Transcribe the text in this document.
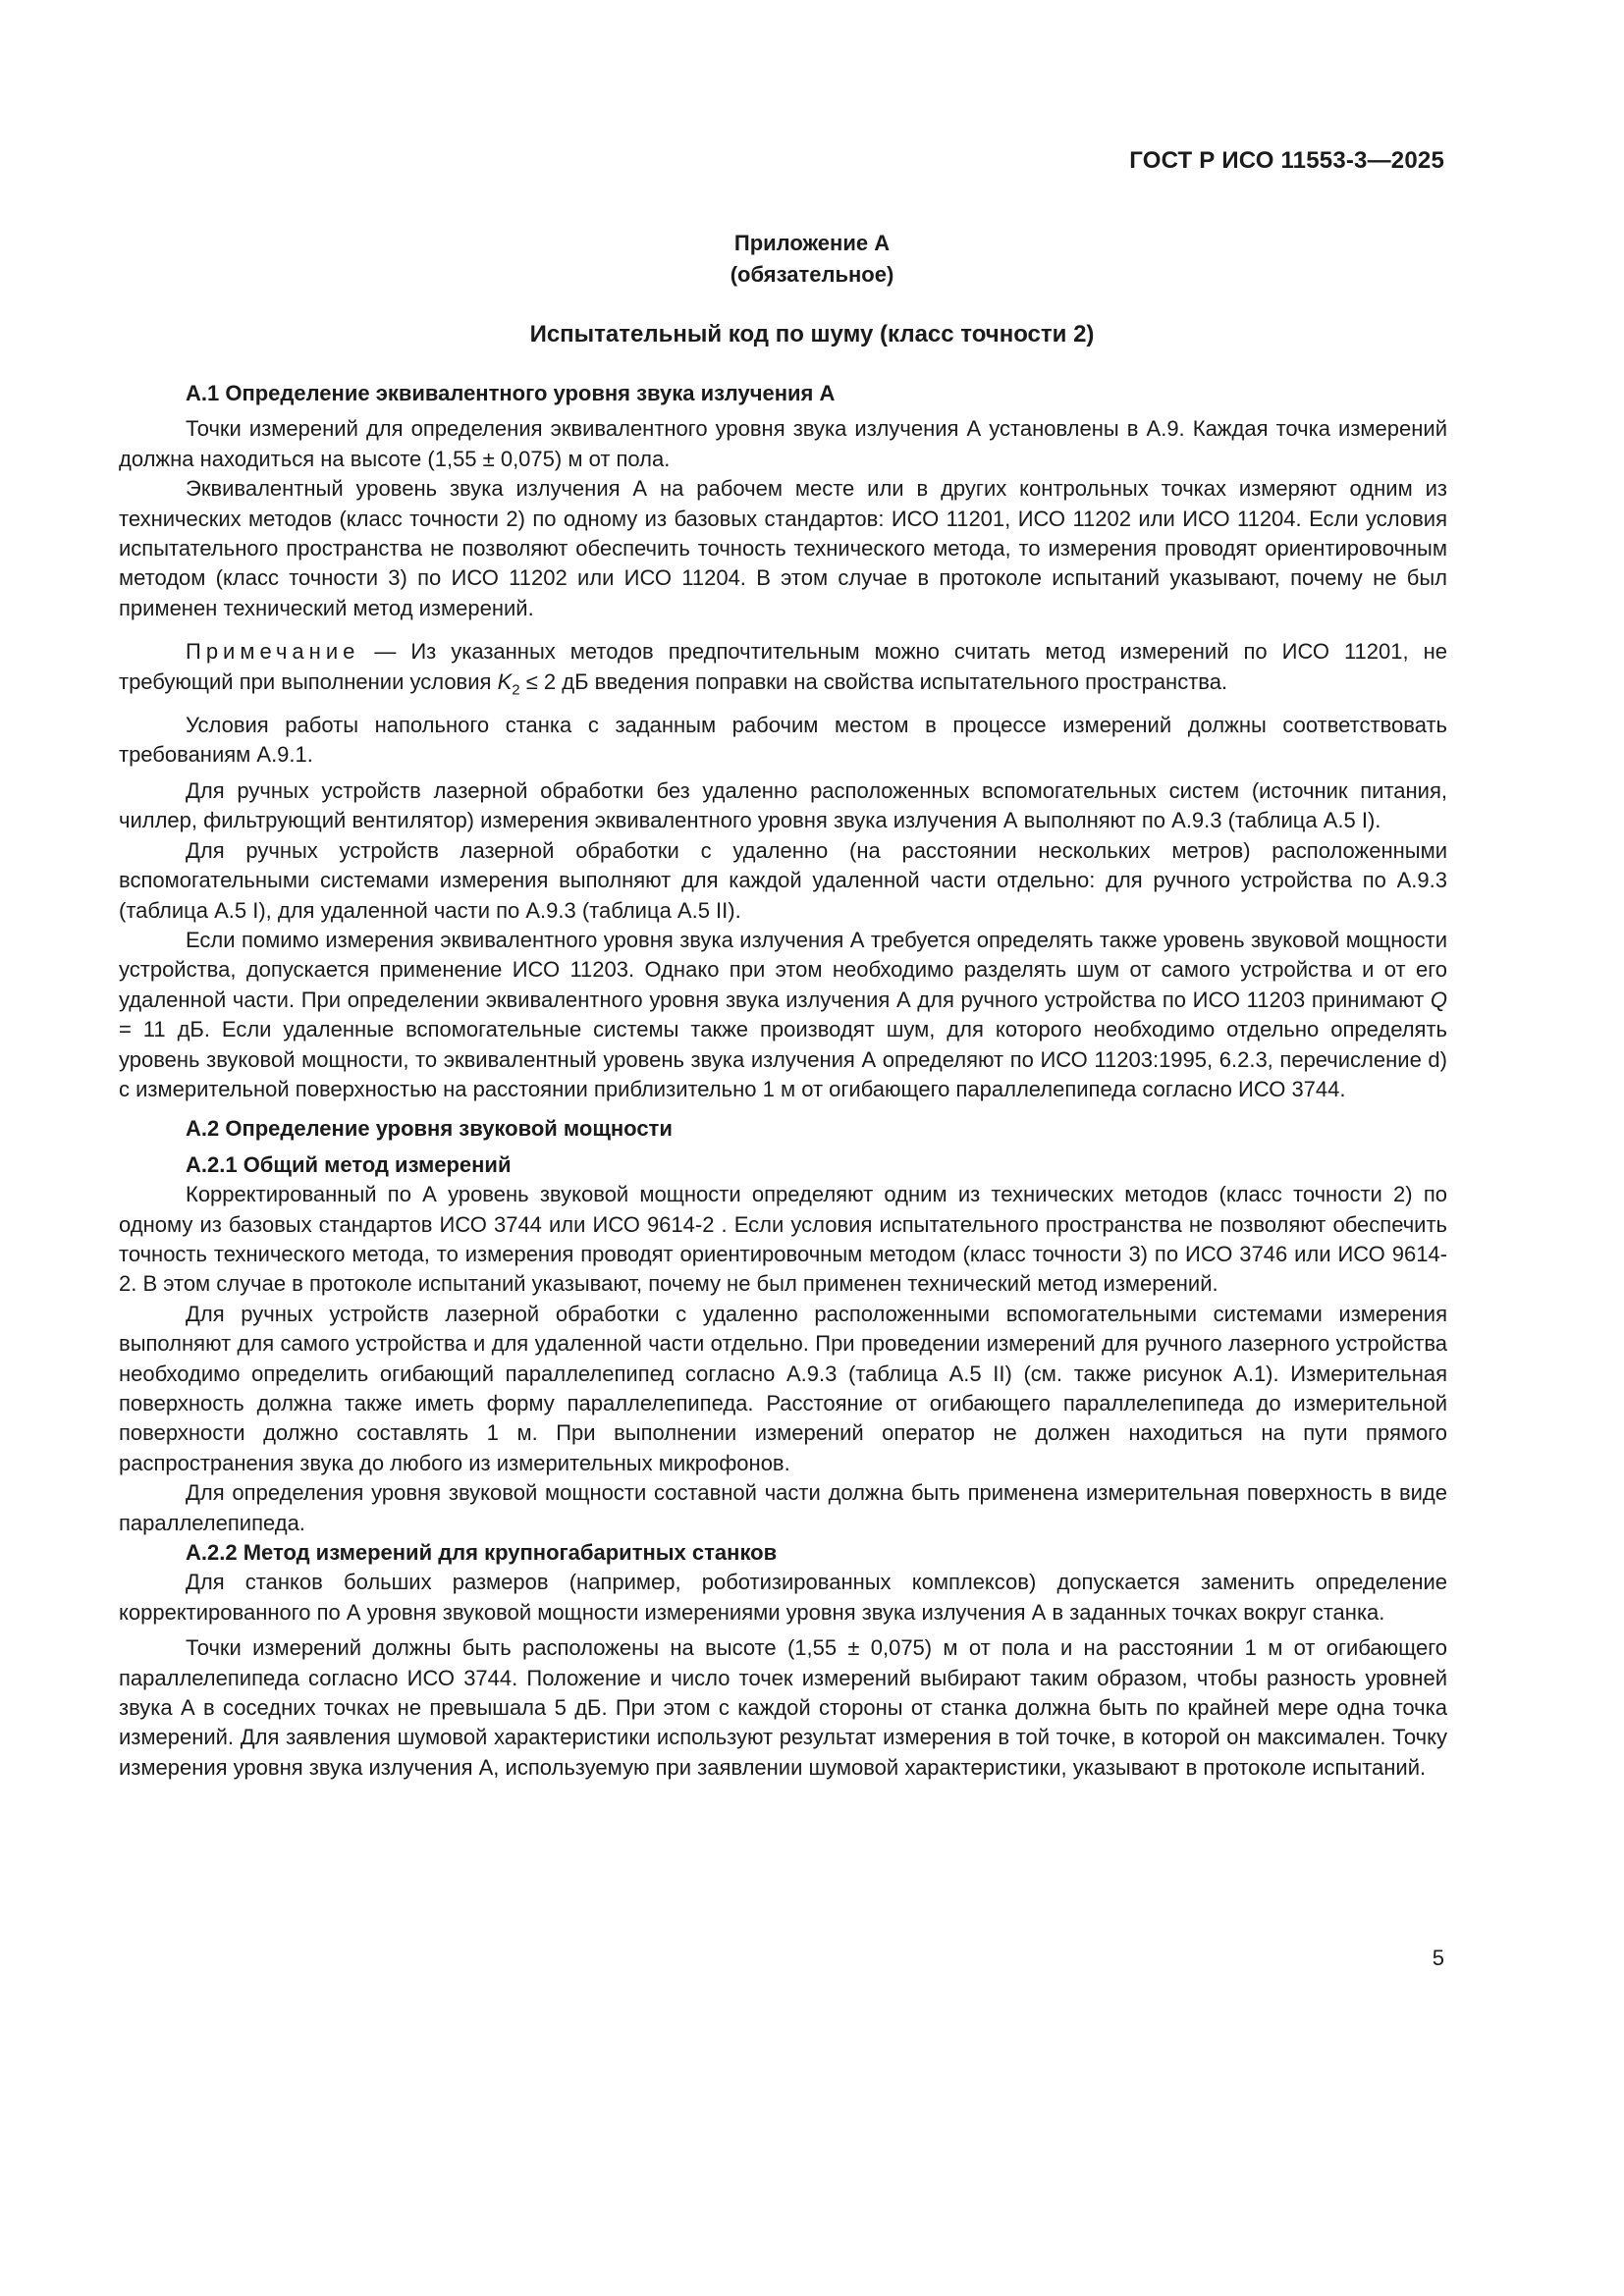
ГОСТ Р ИСО 11553-3—2025
Приложение А
(обязательное)
Испытательный код по шуму (класс точности 2)
А.1 Определение эквивалентного уровня звука излучения А

Точки измерений для определения эквивалентного уровня звука излучения А установлены в А.9. Каждая точка измерений должна находиться на высоте (1,55 ± 0,075) м от пола.

Эквивалентный уровень звука излучения А на рабочем месте или в других контрольных точках измеряют одним из технических методов (класс точности 2) по одному из базовых стандартов: ИСО 11201, ИСО 11202 или ИСО 11204. Если условия испытательного пространства не позволяют обеспечить точность технического метода, то измерения проводят ориентировочным методом (класс точности 3) по ИСО 11202 или ИСО 11204. В этом случае в протоколе испытаний указывают, почему не был применен технический метод измерений.

Примечание — Из указанных методов предпочтительным можно считать метод измерений по ИСО 11201, не требующий при выполнении условия $K_2 \le 2$ дБ введения поправки на свойства испытательного пространства.

Условия работы напольного станка с заданным рабочим местом в процессе измерений должны соответствовать требованиям А.9.1.

Для ручных устройств лазерной обработки без удаленно расположенных вспомогательных систем (источник питания, чиллер, фильтрующий вентилятор) измерения эквивалентного уровня звука излучения А выполняют по А.9.3 (таблица А.5 I).

Для ручных устройств лазерной обработки с удаленно (на расстоянии нескольких метров) расположенными вспомогательными системами измерения выполняют для каждой удаленной части отдельно: для ручного устройства по А.9.3 (таблица А.5 I), для удаленной части по А.9.3 (таблица А.5 II).

Если помимо измерения эквивалентного уровня звука излучения А требуется определять также уровень звуковой мощности устройства, допускается применение ИСО 11203. Однако при этом необходимо разделять шум от самого устройства и от его удаленной части. При определении эквивалентного уровня звука излучения А для ручного устройства по ИСО 11203 принимают Q = 11 дБ. Если удаленные вспомогательные системы также производят шум, для которого необходимо отдельно определять уровень звуковой мощности, то эквивалентный уровень звука излучения А определяют по ИСО 11203:1995, 6.2.3, перечисление d) с измерительной поверхностью на расстоянии приблизительно 1 м от огибающего параллелепипеда согласно ИСО 3744.

А.2 Определение уровня звуковой мощности
А.2.1 Общий метод измерений

Корректированный по А уровень звуковой мощности определяют одним из технических методов (класс точности 2) по одному из базовых стандартов ИСО 3744 или ИСО 9614-2 . Если условия испытательного пространства не позволяют обеспечить точность технического метода, то измерения проводят ориентировочным методом (класс точности 3) по ИСО 3746 или ИСО 9614-2. В этом случае в протоколе испытаний указывают, почему не был применен технический метод измерений.

Для ручных устройств лазерной обработки с удаленно расположенными вспомогательными системами измерения выполняют для самого устройства и для удаленной части отдельно. При проведении измерений для ручного лазерного устройства необходимо определить огибающий параллелепипед согласно А.9.3 (таблица А.5 II) (см. также рисунок А.1). Измерительная поверхность должна также иметь форму параллелепипеда. Расстояние от огибающего параллелепипеда до измерительной поверхности должно составлять 1 м. При выполнении измерений оператор не должен находиться на пути прямого распространения звука до любого из измерительных микрофонов.

Для определения уровня звуковой мощности составной части должна быть применена измерительная поверхность в виде параллелепипеда.

А.2.2 Метод измерений для крупногабаритных станков

Для станков больших размеров (например, роботизированных комплексов) допускается заменить определение корректированного по А уровня звуковой мощности измерениями уровня звука излучения А в заданных точках вокруг станка.

Точки измерений должны быть расположены на высоте (1,55 ± 0,075) м от пола и на расстоянии 1 м от огибающего параллелепипеда согласно ИСО 3744. Положение и число точек измерений выбирают таким образом, чтобы разность уровней звука А в соседних точках не превышала 5 дБ. При этом с каждой стороны от станка должна быть по крайней мере одна точка измерений. Для заявления шумовой характеристики используют результат измерения в той точке, в которой он максимален. Точку измерения уровня звука излучения А, используемую при заявлении шумовой характеристики, указывают в протоколе испытаний.

5
